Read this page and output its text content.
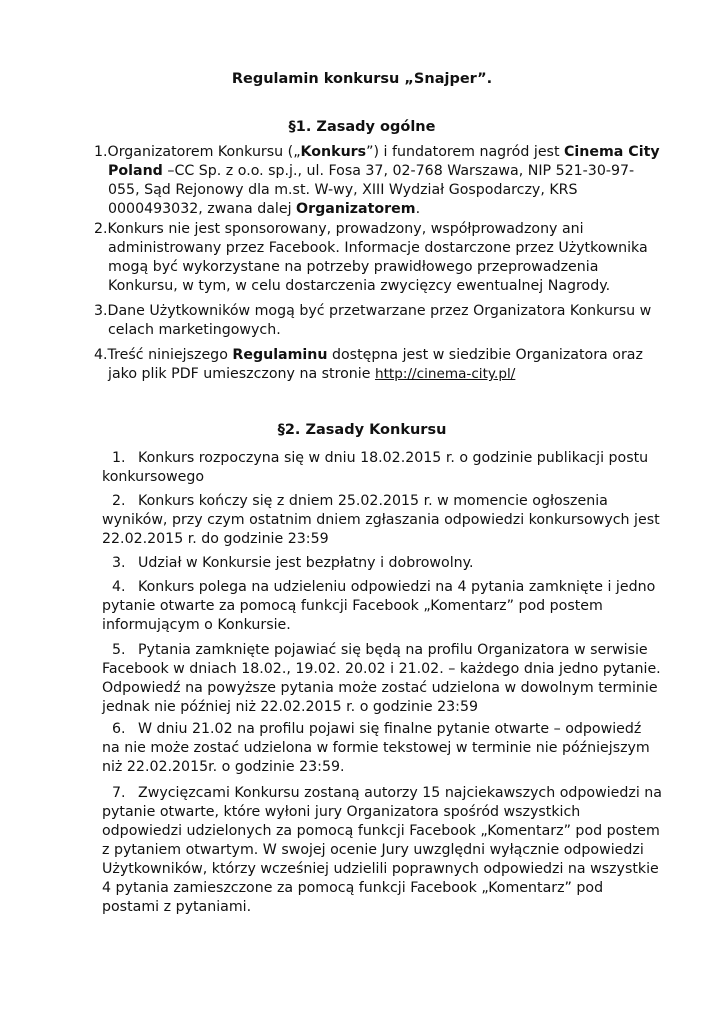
Regulamin konkursu „Snajper”.
§1. Zasady ogólne

1.Organizatorem Konkursu („Konkurs”) i fundatorem nagród jest Cinema City Poland –CC Sp. z o.o. sp.j., ul. Fosa 37, 02-768 Warszawa, NIP 521-30-97-055, Sąd Rejonowy dla m.st. W-wy, XIII Wydział Gospodarczy, KRS 0000493032, zwana dalej Organizatorem.

2.Konkurs nie jest sponsorowany, prowadzony, współprowadzony ani administrowany przez Facebook. Informacje dostarczone przez Użytkownika mogą być wykorzystane na potrzeby prawidłowego przeprowadzenia Konkursu, w tym, w celu dostarczenia zwycięzcy ewentualnej Nagrody.

3.Dane Użytkowników mogą być przetwarzane przez Organizatora Konkursu w celach marketingowych.

4.Treść niniejszego Regulaminu dostępna jest w siedzibie Organizatora oraz jako plik PDF umieszczony na stronie http://cinema-city.pl/

§2. Zasady Konkursu

1. Konkurs rozpoczyna się w dniu 18.02.2015 r. o godzinie publikacji postu konkursowego

2. Konkurs kończy się z dniem 25.02.2015 r. w momencie ogłoszenia wyników, przy czym ostatnim dniem zgłaszania odpowiedzi konkursowych jest 22.02.2015 r. do godzinie 23:59

3. Udział w Konkursie jest bezpłatny i dobrowolny.

4. Konkurs polega na udzieleniu odpowiedzi na 4 pytania zamknięte i jedno pytanie otwarte za pomocą funkcji Facebook „Komentarz” pod postem informującym o Konkursie.

5. Pytania zamknięte pojawiać się będą na profilu Organizatora w serwisie Facebook w dniach 18.02., 19.02. 20.02 i 21.02. – każdego dnia jedno pytanie. Odpowiedź na powyższe pytania może zostać udzielona w dowolnym terminie jednak nie później niż 22.02.2015 r. o godzinie 23:59

6. W dniu 21.02 na profilu pojawi się finalne pytanie otwarte – odpowiedź na nie może zostać udzielona w formie tekstowej w terminie nie późniejszym niż 22.02.2015r. o godzinie 23:59.

7. Zwycięzcami Konkursu zostaną autorzy 15 najciekawszych odpowiedzi na pytanie otwarte, które wyłoni jury Organizatora spośród wszystkich odpowiedzi udzielonych za pomocą funkcji Facebook „Komentarz” pod postem z pytaniem otwartym. W swojej ocenie Jury uwzględni wyłącznie odpowiedzi Użytkowników, którzy wcześniej udzielili poprawnych odpowiedzi na wszystkie 4 pytania zamieszczone za pomocą funkcji Facebook „Komentarz” pod postami z pytaniami.
